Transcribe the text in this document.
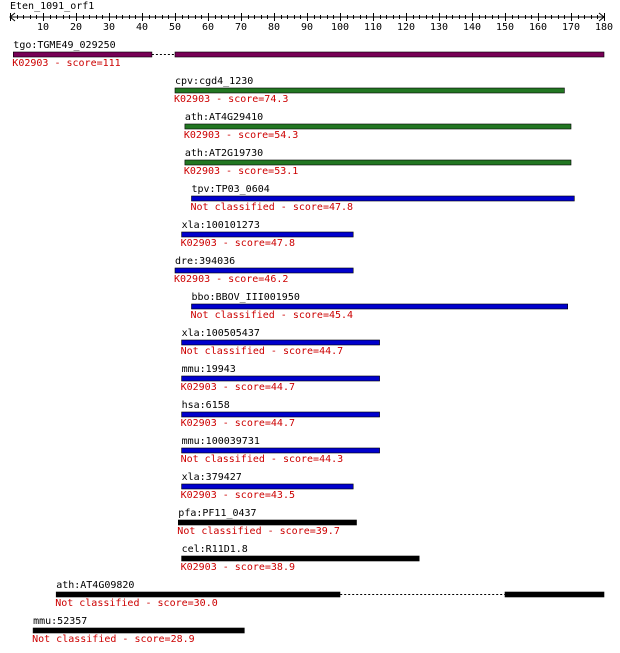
Eten_1091_orf1
10 20 30 40 50 60 70 80 90 100 110 120 130 140 150 160 170 180
tgo:TGME49_029250
K02903 - score=111
cpv:cgd4_1230
K02903 - score=74.3
ath:AT4G29410
K02903 - score=54.3
ath:AT2G19730
K02903 - score=53.1
tpv:TP03_0604
Not classified - score=47.8
xla:100101273
K02903 - score=47.8
dre:394036
K02903 - score=46.2
bbo:BBOV_III001950
Not classified - score=45.4
xla:100505437
Not classified - score=44.7
mmu:19943
K02903 - score=44.7
hsa:6158
K02903 - score=44.7
mmu:100039731
Not classified - score=44.3
xla:379427
K02903 - score=43.5
pfa:PF11_0437
Not classified - score=39.7
cel:R11D1.8
K02903 - score=38.9
ath:AT4G09820
Not classified - score=30.0
mmu:52357
Not classified - score=28.9
